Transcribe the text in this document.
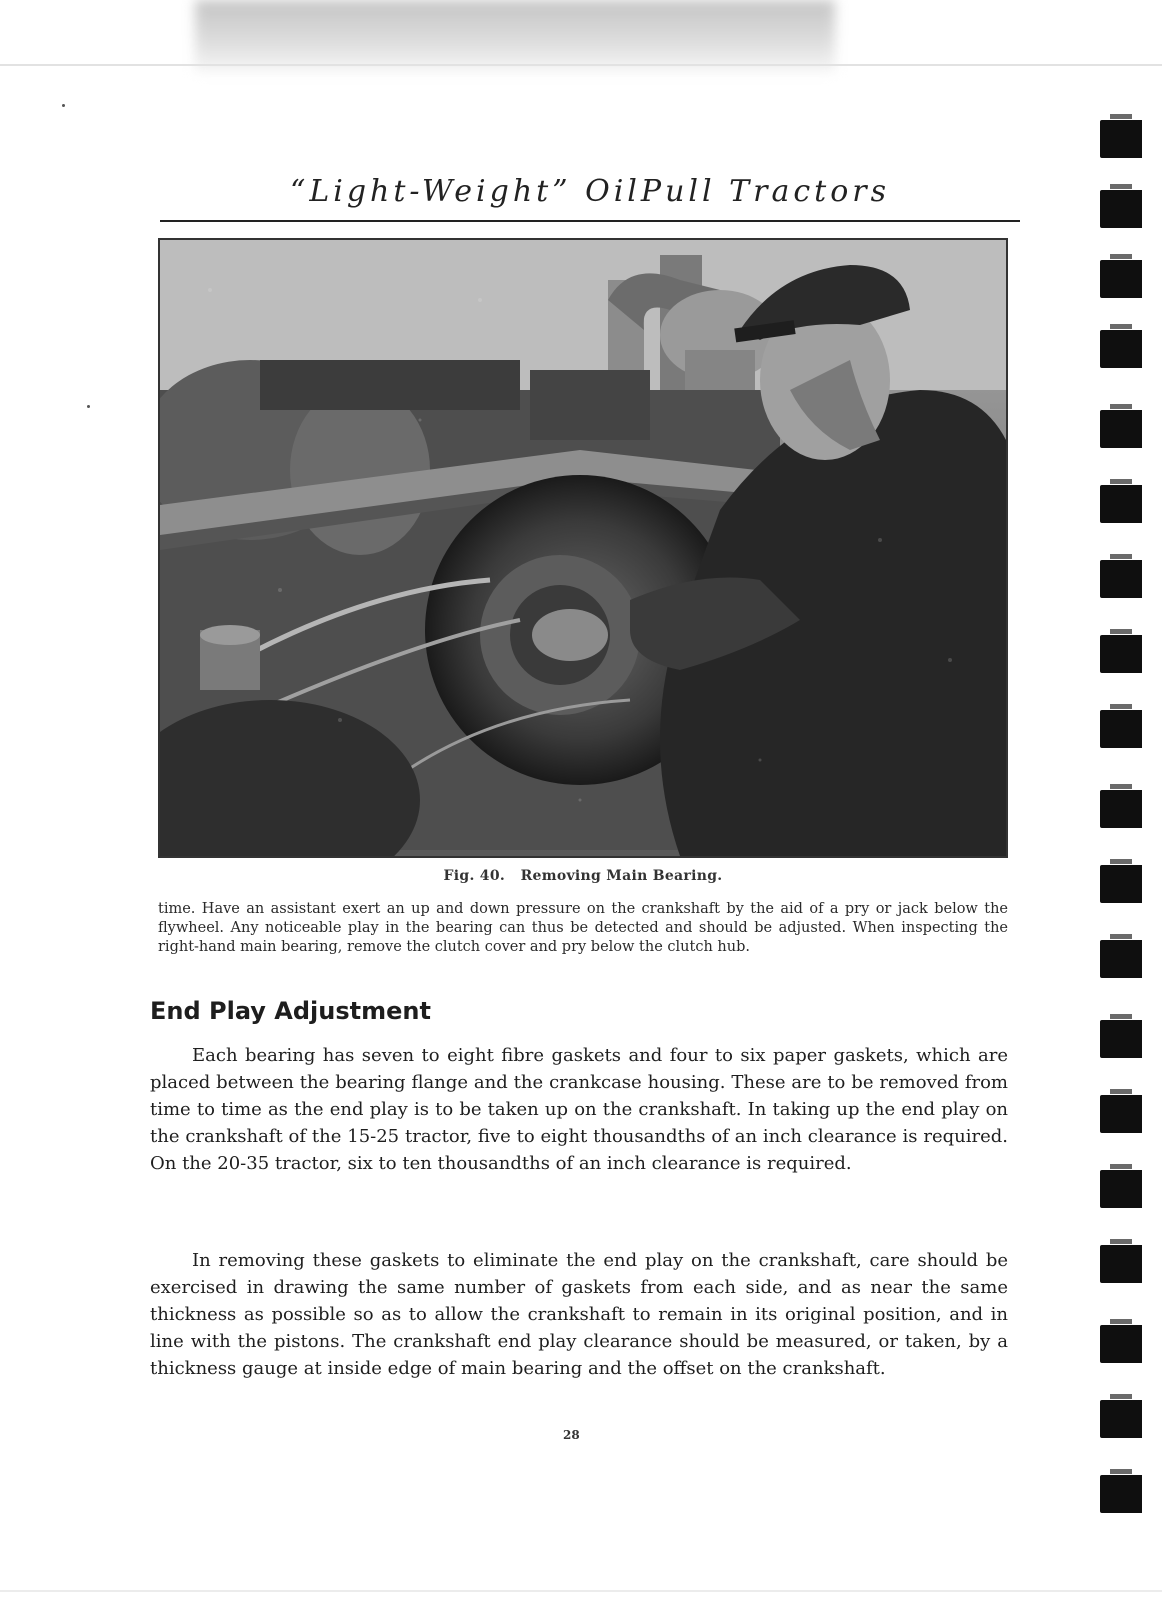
“Light-Weight” OilPull Tractors
Fig. 40. Removing Main Bearing.
time. Have an assistant exert an up and down pressure on the crankshaft by the aid of a pry or jack below the flywheel. Any noticeable play in the bearing can thus be detected and should be adjusted. When inspecting the right-hand main bearing, remove the clutch cover and pry below the clutch hub.
End Play Adjustment
Each bearing has seven to eight fibre gaskets and four to six paper gaskets, which are placed between the bearing flange and the crankcase housing. These are to be removed from time to time as the end play is to be taken up on the crankshaft. In taking up the end play on the crankshaft of the 15-25 tractor, five to eight thousandths of an inch clearance is required. On the 20-35 tractor, six to ten thousandths of an inch clearance is required.
In removing these gaskets to eliminate the end play on the crankshaft, care should be exercised in drawing the same number of gaskets from each side, and as near the same thickness as possible so as to allow the crankshaft to remain in its original position, and in line with the pistons. The crankshaft end play clearance should be measured, or taken, by a thickness gauge at inside edge of main bearing and the offset on the crankshaft.
28
